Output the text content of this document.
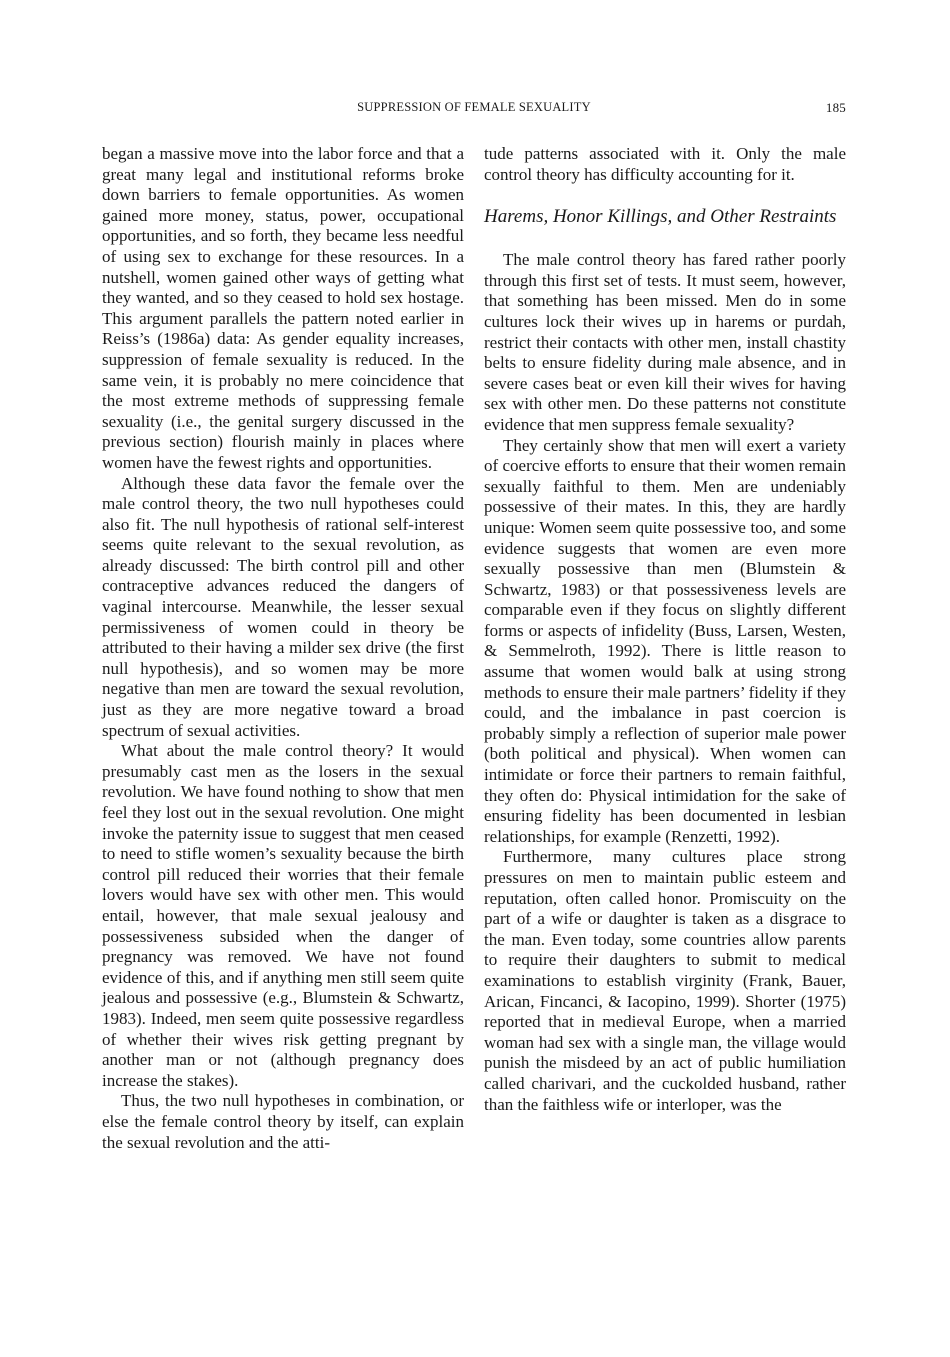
SUPPRESSION OF FEMALE SEXUALITY	185

began a massive move into the labor force and that a great many legal and institutional reforms broke down barriers to female opportunities. As women gained more money, status, power, occupational opportunities, and so forth, they became less needful of using sex to exchange for these resources. In a nutshell, women gained other ways of getting what they wanted, and so they ceased to hold sex hostage. This argument parallels the pattern noted earlier in Reiss’s (1986a) data: As gender equality increases, suppression of female sexuality is reduced. In the same vein, it is probably no mere coincidence that the most extreme methods of suppressing female sexuality (i.e., the genital surgery discussed in the previous section) flourish mainly in places where women have the fewest rights and opportunities.

Although these data favor the female over the male control theory, the two null hypotheses could also fit. The null hypothesis of rational self-interest seems quite relevant to the sexual revolution, as already discussed: The birth control pill and other contraceptive advances reduced the dangers of vaginal intercourse. Meanwhile, the lesser sexual permissiveness of women could in theory be attributed to their having a milder sex drive (the first null hypothesis), and so women may be more negative than men are toward the sexual revolution, just as they are more negative toward a broad spectrum of sexual activities.

What about the male control theory? It would presumably cast men as the losers in the sexual revolution. We have found nothing to show that men feel they lost out in the sexual revolution. One might invoke the paternity issue to suggest that men ceased to need to stifle women’s sexuality because the birth control pill reduced their worries that their female lovers would have sex with other men. This would entail, however, that male sexual jealousy and possessiveness subsided when the danger of pregnancy was removed. We have not found evidence of this, and if anything men still seem quite jealous and possessive (e.g., Blumstein & Schwartz, 1983). Indeed, men seem quite possessive regardless of whether their wives risk getting pregnant by another man or not (although pregnancy does increase the stakes).

Thus, the two null hypotheses in combination, or else the female control theory by itself, can explain the sexual revolution and the atti-

tude patterns associated with it. Only the male control theory has difficulty accounting for it.

Harems, Honor Killings, and Other Restraints

The male control theory has fared rather poorly through this first set of tests. It must seem, however, that something has been missed. Men do in some cultures lock their wives up in harems or purdah, restrict their contacts with other men, install chastity belts to ensure fidelity during male absence, and in severe cases beat or even kill their wives for having sex with other men. Do these patterns not constitute evidence that men suppress female sexuality?

They certainly show that men will exert a variety of coercive efforts to ensure that their women remain sexually faithful to them. Men are undeniably possessive of their mates. In this, they are hardly unique: Women seem quite possessive too, and some evidence suggests that women are even more sexually possessive than men (Blumstein & Schwartz, 1983) or that possessiveness levels are comparable even if they focus on slightly different forms or aspects of infidelity (Buss, Larsen, Westen, & Semmelroth, 1992). There is little reason to assume that women would balk at using strong methods to ensure their male partners’ fidelity if they could, and the imbalance in past coercion is probably simply a reflection of superior male power (both political and physical). When women can intimidate or force their partners to remain faithful, they often do: Physical intimidation for the sake of ensuring fidelity has been documented in lesbian relationships, for example (Renzetti, 1992).

Furthermore, many cultures place strong pressures on men to maintain public esteem and reputation, often called honor. Promiscuity on the part of a wife or daughter is taken as a disgrace to the man. Even today, some countries allow parents to require their daughters to submit to medical examinations to establish virginity (Frank, Bauer, Arican, Fincanci, & Iacopino, 1999). Shorter (1975) reported that in medieval Europe, when a married woman had sex with a single man, the village would punish the misdeed by an act of public humiliation called charivari, and the cuckolded husband, rather than the faithless wife or interloper, was the
